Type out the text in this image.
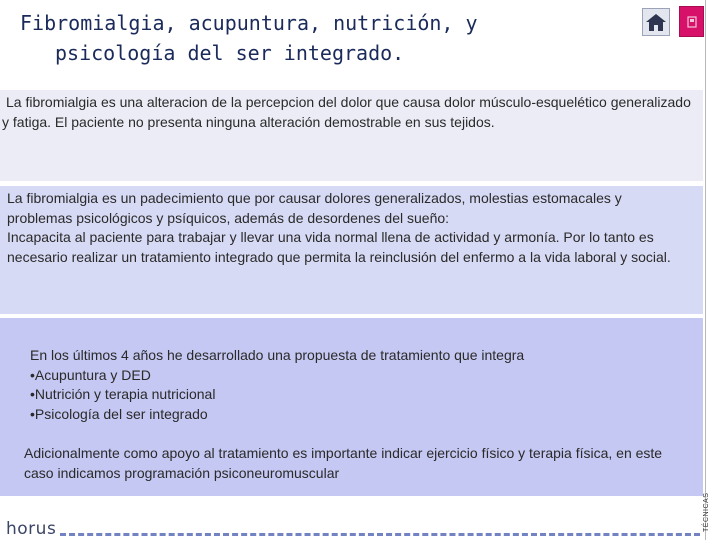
Fibromialgia, acupuntura, nutrición, y
psicología del ser integrado.
TÉCNICAS

La fibromialgia es una alteracion de la percepcion del dolor que causa dolor músculo-esquelético generalizado y fatiga. El paciente no presenta ninguna alteración demostrable en sus tejidos.

La fibromialgia es un padecimiento que por causar dolores generalizados, molestias estomacales y problemas psicológicos y psíquicos, además de desordenes del sueño:

Incapacita al paciente para trabajar y llevar una vida normal llena de actividad y armonía. Por lo tanto es necesario realizar un tratamiento integrado que permita la reinclusión del enfermo a la vida laboral y social.

En los últimos 4 años he desarrollado una propuesta de tratamiento que integra

• Acupuntura y DED
• Nutrición y terapia nutricional
• Psicología del ser integrado

Adicionalmente como apoyo al tratamiento es importante indicar ejercicio físico y terapia física, en este caso indicamos programación psiconeuromuscular

horus
